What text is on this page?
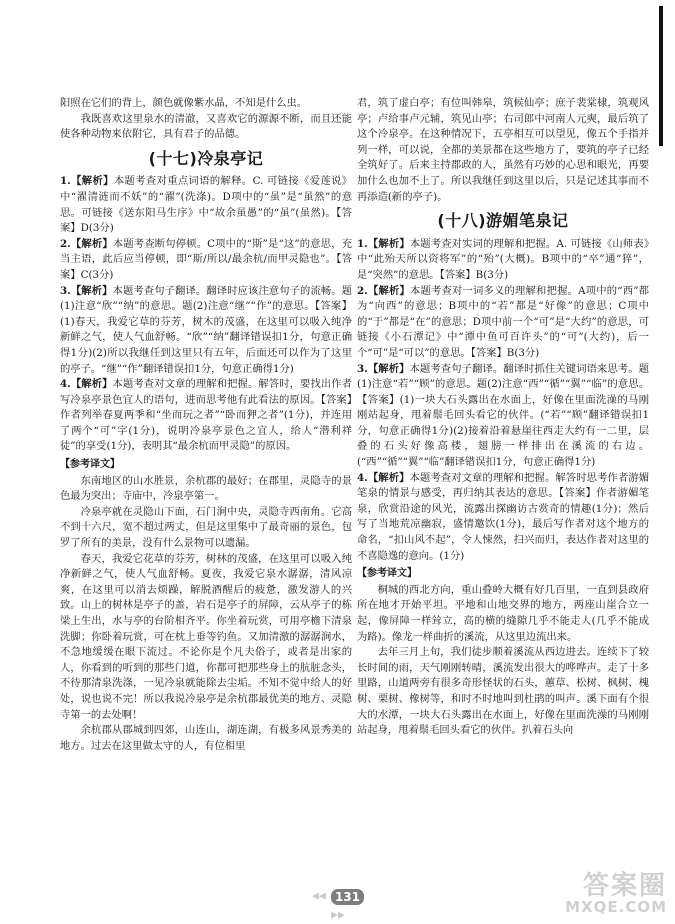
阳照在它们的背上，颜色就像紫水晶，不知是什么虫。

我既喜欢这里泉水的清澈，又喜欢它的源源不断，而且还能使各种动物来依附它，具有君子的品德。

(十七)冷泉亭记

1.【解析】本题考查对重点词语的解释。C. 可链接《爱莲说》中“濯清涟而不妖”的“濯”(洗涤)。D项中的“虽”是“虽然”的意思。可链接《送东阳马生序》中“故余虽愚”的“虽”(虽然)。【答案】D(3分)

2.【解析】本题考查断句停顿。C项中的“斯”是“这”的意思，充当主语，此后应当停顿，即“斯/所以/最余杭/而甲灵隐也”。【答案】C(3分)

3.【解析】本题考查句子翻译。翻译时应该注意句子的流畅。题(1)注意“欣”“纳”的意思。题(2)注意“继”“作”的意思。【答案】(1)春天，我爱它草的芬芳，树木的茂盛，在这里可以吸入纯净新鲜之气，使人气血舒畅。“欣”“纳”翻译错误扣1分，句意正确得1分)(2)所以我继任到这里只有五年，后面还可以作为了这里的亭子。“继”“作”翻译错误扣1分，句意正确得1分)

4.【解析】本题考查对文章的理解和把握。解答时，要找出作者写冷泉亭景色宜人的语句，进而思考他有此看法的原因。【答案】作者列举春夏两季和“坐而玩之者”“卧而狎之者”(1分)，并连用了两个“可”字(1分)，说明冷泉亭景色之宜人，给人“潜利祥徒”的享受(1分)，表明其“最余杭而甲灵隐”的原因。

【参考译文】

东南地区的山水胜景，余杭郡的最好；在郡里，灵隐寺的景色最为突出；寺庙中，冷泉亭第一。

冷泉亭就在灵隐山下面，石门涧中央，灵隐寺西南角。它高不到十六尺，宽不超过两丈，但是这里集中了最奇丽的景色，包罗了所有的美景，没有什么景物可以遗漏。

春天，我爱它花草的芬芳，树林的茂盛，在这里可以吸入纯净新鲜之气，使人气血舒畅。夏夜，我爱它泉水潺潺，清风凉爽，在这里可以消去烦躁，解脱酒醒后的疲惫，激发游人的兴致。山上的树林是亭子的盖，岩石是亭子的屏障，云从亭子的栋梁上生出，水与亭的台阶相齐平。你坐着玩赏，可用亭檐下清泉洗脚；你卧着玩赏，可在枕上垂等钓鱼。又加清激的潺潺涧水，不急地缓缓在眼下流过。不论你是个凡夫俗子，或者是出家的人，你看到的听到的那些门道，你都可把那些身上的肮脏念头，不待那清泉洗涤，一见冷泉就能除去尘垢。不知不觉中给人的好处，说也说不完！所以我说冷泉亭是余杭郡最优美的地方、灵隐寺第一的去处啊！

余杭郡从郡城到四郊，山连山，湖连湖，有极多风景秀美的地方。过去在这里做太守的人，有位相里

君，筑了虚白亭；有位叫韩皋，筑候仙亭；庶子裴棠棣，筑观风亭；卢给事卢元辅，筑见山亭；右司郎中河南人元奭，最后筑了这个冷泉亭。在这种情况下，五亭相互可以望见，像五个手指并列一样，可以说，全都的美景都在这些地方了，要筑的亭子已经全筑好了。后来主持郡政的人，虽然有巧妙的心思和眼光，再要加什么也加不上了。所以我继任到这里以后，只是记述其事而不再添造(新的亭子)。

(十八)游媚笔泉记

1.【解析】本题考查对实词的理解和把握。A. 可链接《山师表》中“此殆天所以资将军”的“殆”(大概)。B项中的“卒”通“猝”，是“突然”的意思。【答案】B(3分)

2.【解析】本题考查对一词多义的理解和把握。A项中的“西”都为“向西”的意思；B项中的“若”都是“好像”的意思；C项中的“于”都是“在”的意思；D项中前一个“可”是“大约”的意思，可链接《小石潭记》中“潭中鱼可百许头”的“可”(大约)，后一个“可”是“可以”的意思。【答案】B(3分)

3.【解析】本题考查句子翻译。翻译时抓住关键词语来思考。题(1)注意“若”“顾”的意思。题(2)注意“西”“循”“翼”“临”的意思。【答案】(1)一块大石头露出在水面上，好像在里面洗澡的马刚刚站起身，甩着鬃毛回头看它的伙伴。(“若”“顾”翻译错误扣1分，句意正确得1分)(2)接着沿着悬崖往西走大约有一二里，层叠的石头好像高楼，翅膀一样排出在溪流的右边。(“西”“循”“翼”“临”翻译错误扣1分，句意正确得1分)

4.【解析】本题考查对文章的理解和把握。解答时思考作者游媚笔泉的情景与感受，再归纳其表达的意思。【答案】作者游媚笔泉，欣赏沿途的风光，流露出探幽访古赏奇的情趣(1分)；然后写了当地荒凉幽寂，盛情邀饮(1分)，最后写作者对这个地方的命名，“扣山风不起”，令人悚然，扫兴而归，表达作者对这里的不喜隐逸的意向。(1分)

【参考译文】

桐城的西北方向，重山叠岭大概有好几百里，一直到县政府所在地才开始平坦。平地和山地交界的地方，两座山崖合立一起，像屏障一样耸立，高的横的缝隙几乎不能走人(几乎不能成为路)。像龙一样曲折的溪流，从这里边流出来。

去年三月上旬，我们徒步顺着溪流从西边进去。连续下了较长时间的雨，天气刚刚转晴，溪流发出很大的哗哗声。走了十多里路，山道两旁有很多奇形怪状的石头，蕙草、松树、枫树、槐树、栗树、橡树等，和时不时地叫到杜鹃的叫声。溪下面有个很大的水潭，一块大石头露出在水面上，好像在里面洗澡的马刚刚站起身，甩着鬃毛回头看它的伙伴。扒着石头向

◀◀ 131 ▶▶
答案圈
MXQE.COM
